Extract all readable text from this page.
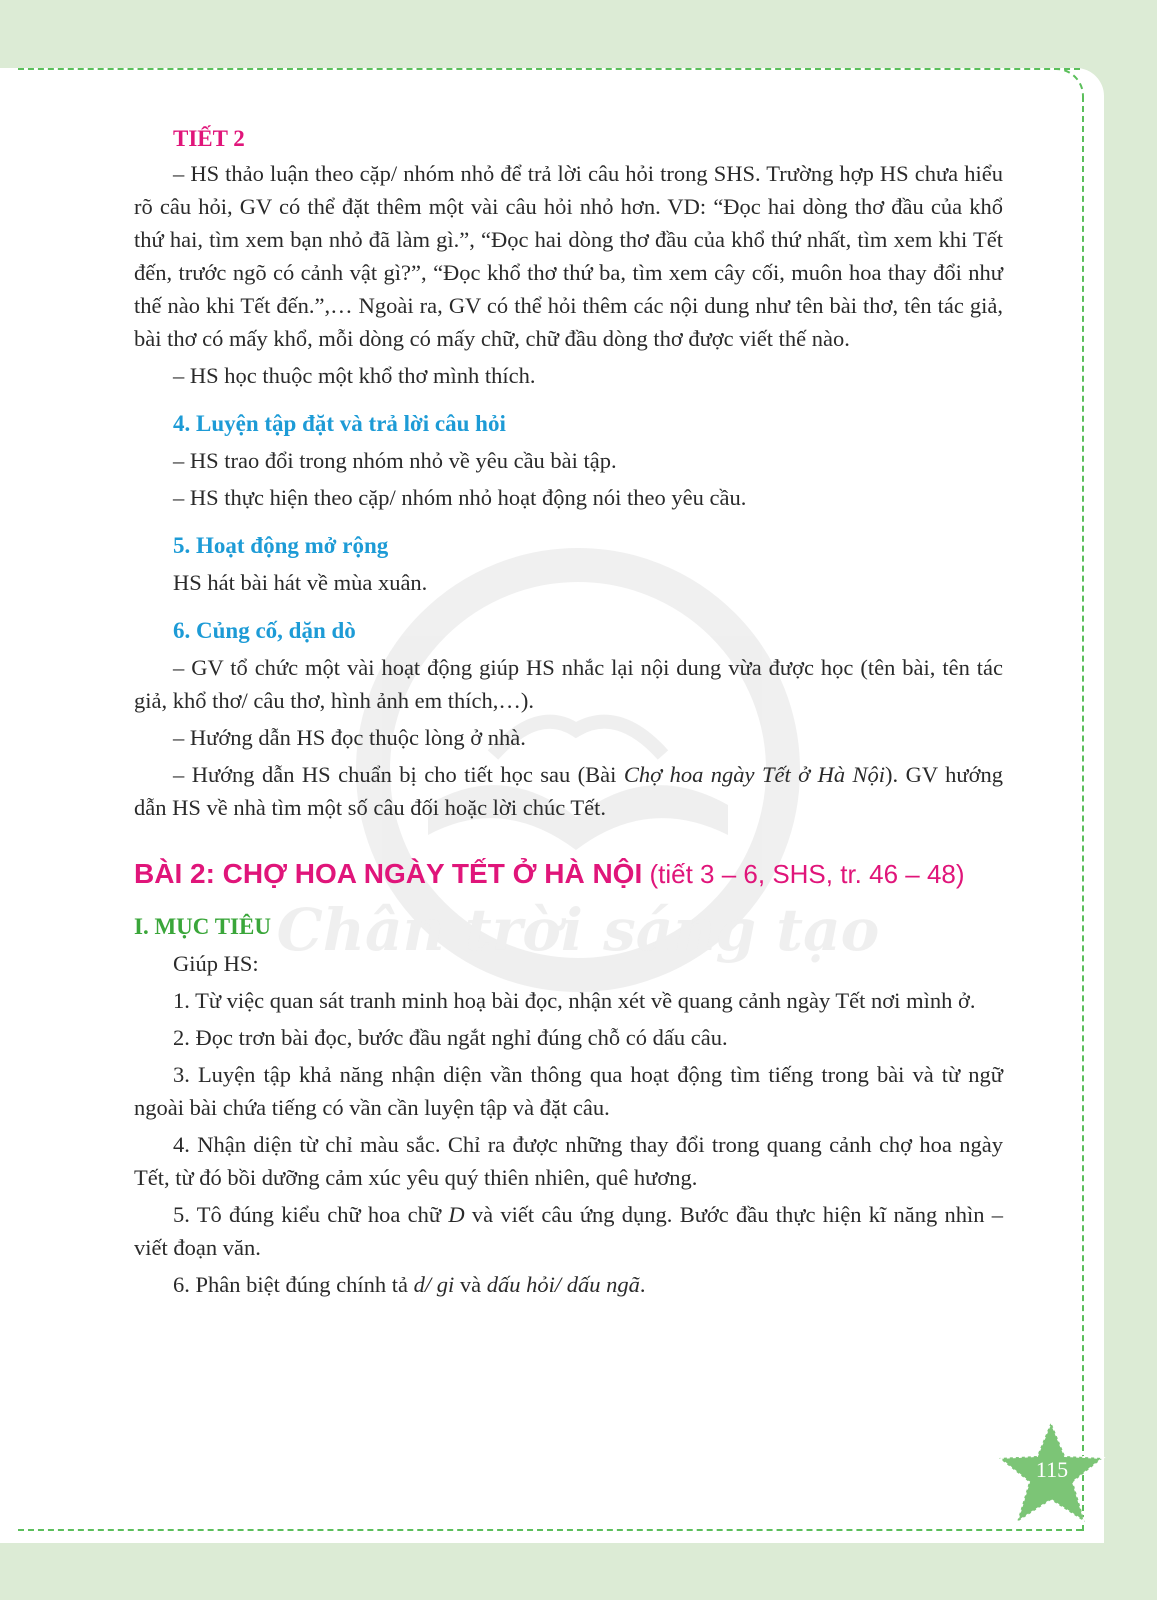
TIẾT 2

– HS thảo luận theo cặp/ nhóm nhỏ để trả lời câu hỏi trong SHS. Trường hợp HS chưa hiểu rõ câu hỏi, GV có thể đặt thêm một vài câu hỏi nhỏ hơn. VD: “Đọc hai dòng thơ đầu của khổ thứ hai, tìm xem bạn nhỏ đã làm gì.”, “Đọc hai dòng thơ đầu của khổ thứ nhất, tìm xem khi Tết đến, trước ngõ có cảnh vật gì?”, “Đọc khổ thơ thứ ba, tìm xem cây cối, muôn hoa thay đổi như thế nào khi Tết đến.”,… Ngoài ra, GV có thể hỏi thêm các nội dung như tên bài thơ, tên tác giả, bài thơ có mấy khổ, mỗi dòng có mấy chữ, chữ đầu dòng thơ được viết thế nào.

– HS học thuộc một khổ thơ mình thích.

4. Luyện tập đặt và trả lời câu hỏi

– HS trao đổi trong nhóm nhỏ về yêu cầu bài tập.

– HS thực hiện theo cặp/ nhóm nhỏ hoạt động nói theo yêu cầu.

5. Hoạt động mở rộng

HS hát bài hát về mùa xuân.

6. Củng cố, dặn dò

– GV tổ chức một vài hoạt động giúp HS nhắc lại nội dung vừa được học (tên bài, tên tác giả, khổ thơ/ câu thơ, hình ảnh em thích,…).

– Hướng dẫn HS đọc thuộc lòng ở nhà.

– Hướng dẫn HS chuẩn bị cho tiết học sau (Bài Chợ hoa ngày Tết ở Hà Nội). GV hướng dẫn HS về nhà tìm một số câu đối hoặc lời chúc Tết.

BÀI 2: CHỢ HOA NGÀY TẾT Ở HÀ NỘI (tiết 3 – 6, SHS, tr. 46 – 48)

I. MỤC TIÊU

Giúp HS:

1. Từ việc quan sát tranh minh hoạ bài đọc, nhận xét về quang cảnh ngày Tết nơi mình ở.

2. Đọc trơn bài đọc, bước đầu ngắt nghỉ đúng chỗ có dấu câu.

3. Luyện tập khả năng nhận diện vần thông qua hoạt động tìm tiếng trong bài và từ ngữ ngoài bài chứa tiếng có vần cần luyện tập và đặt câu.

4. Nhận diện từ chỉ màu sắc. Chỉ ra được những thay đổi trong quang cảnh chợ hoa ngày Tết, từ đó bồi dưỡng cảm xúc yêu quý thiên nhiên, quê hương.

5. Tô đúng kiểu chữ hoa chữ D và viết câu ứng dụng. Bước đầu thực hiện kĩ năng nhìn – viết đoạn văn.

6. Phân biệt đúng chính tả d/ gi và dấu hỏi/ dấu ngã.

115
